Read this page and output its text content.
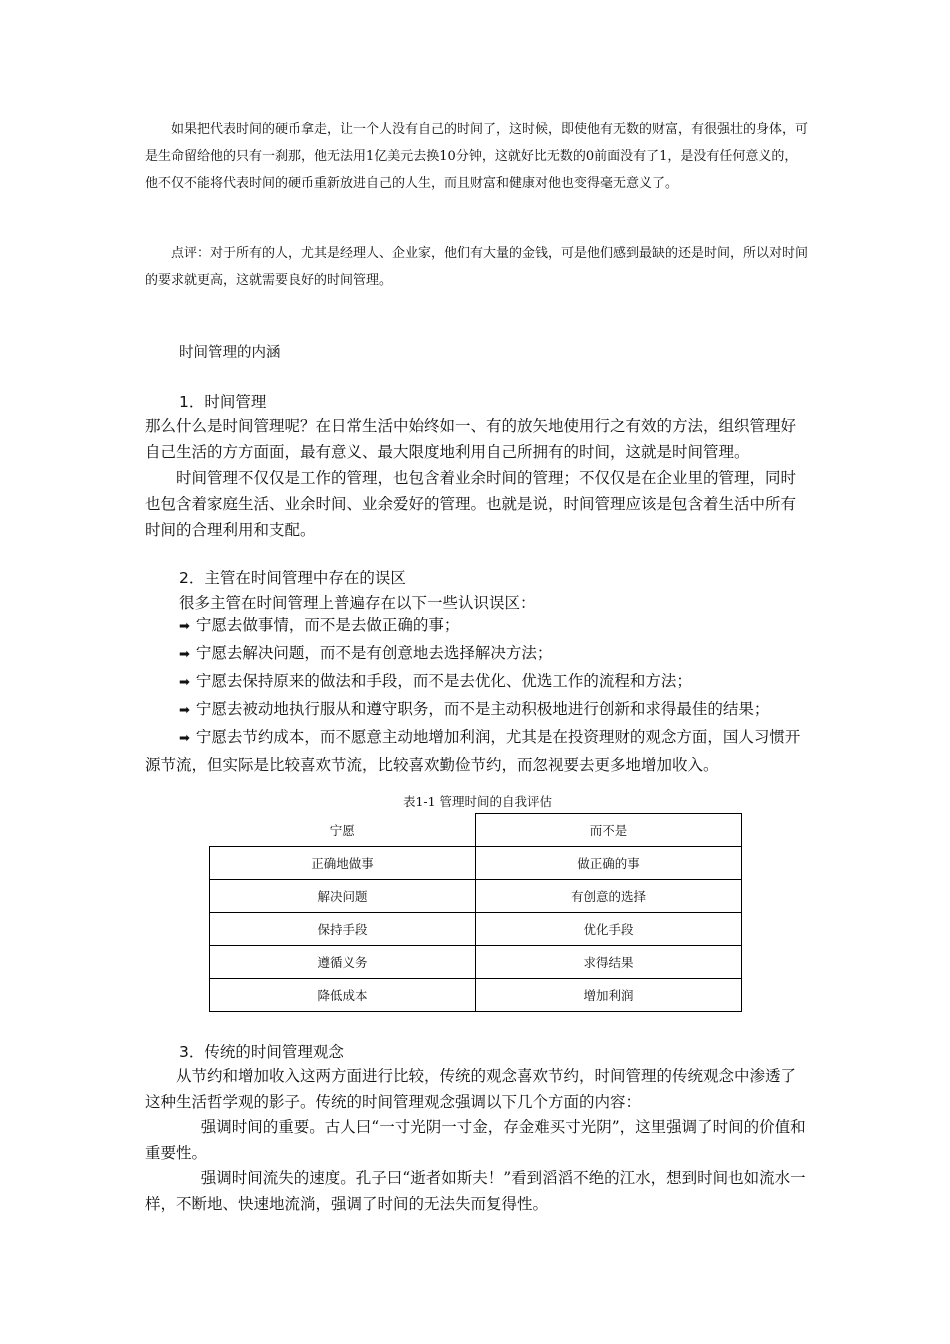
如果把代表时间的硬币拿走，让一个人没有自己的时间了，这时候，即使他有无数的财富，有很强壮的身体，可是生命留给他的只有一刹那，他无法用1亿美元去换10分钟，这就好比无数的0前面没有了1，是没有任何意义的，他不仅不能将代表时间的硬币重新放进自己的人生，而且财富和健康对他也变得毫无意义了。

点评：对于所有的人，尤其是经理人、企业家，他们有大量的金钱，可是他们感到最缺的还是时间，所以对时间的要求就更高，这就需要良好的时间管理。

时间管理的内涵
1．时间管理

那么什么是时间管理呢？在日常生活中始终如一、有的放矢地使用行之有效的方法，组织管理好自己生活的方方面面，最有意义、最大限度地利用自己所拥有的时间，这就是时间管理。

时间管理不仅仅是工作的管理，也包含着业余时间的管理；不仅仅是在企业里的管理，同时也包含着家庭生活、业余时间、业余爱好的管理。也就是说，时间管理应该是包含着生活中所有时间的合理利用和支配。

2．主管在时间管理中存在的误区

很多主管在时间管理上普遍存在以下一些认识误区：

➡ 宁愿去做事情，而不是去做正确的事；
➡ 宁愿去解决问题，而不是有创意地去选择解决方法；
➡ 宁愿去保持原来的做法和手段，而不是去优化、优选工作的流程和方法；
➡ 宁愿去被动地执行服从和遵守职务，而不是主动积极地进行创新和求得最佳的结果；
➡ 宁愿去节约成本，而不愿意主动地增加利润，尤其是在投资理财的观念方面，国人习惯开源节流，但实际是比较喜欢节流，比较喜欢勤俭节约，而忽视要去更多地增加收入。
表1-1 管理时间的自我评估
宁愿	而不是
正确地做事	做正确的事
解决问题	有创意的选择
保持手段	优化手段
遵循义务	求得结果
降低成本	增加利润
3．传统的时间管理观念

从节约和增加收入这两方面进行比较，传统的观念喜欢节约，时间管理的传统观念中渗透了这种生活哲学观的影子。传统的时间管理观念强调以下几个方面的内容：

强调时间的重要。古人曰“一寸光阴一寸金，存金难买寸光阴”，这里强调了时间的价值和重要性。

强调时间流失的速度。孔子曰“逝者如斯夫！”看到滔滔不绝的江水，想到时间也如流水一样，不断地、快速地流淌，强调了时间的无法失而复得性。
